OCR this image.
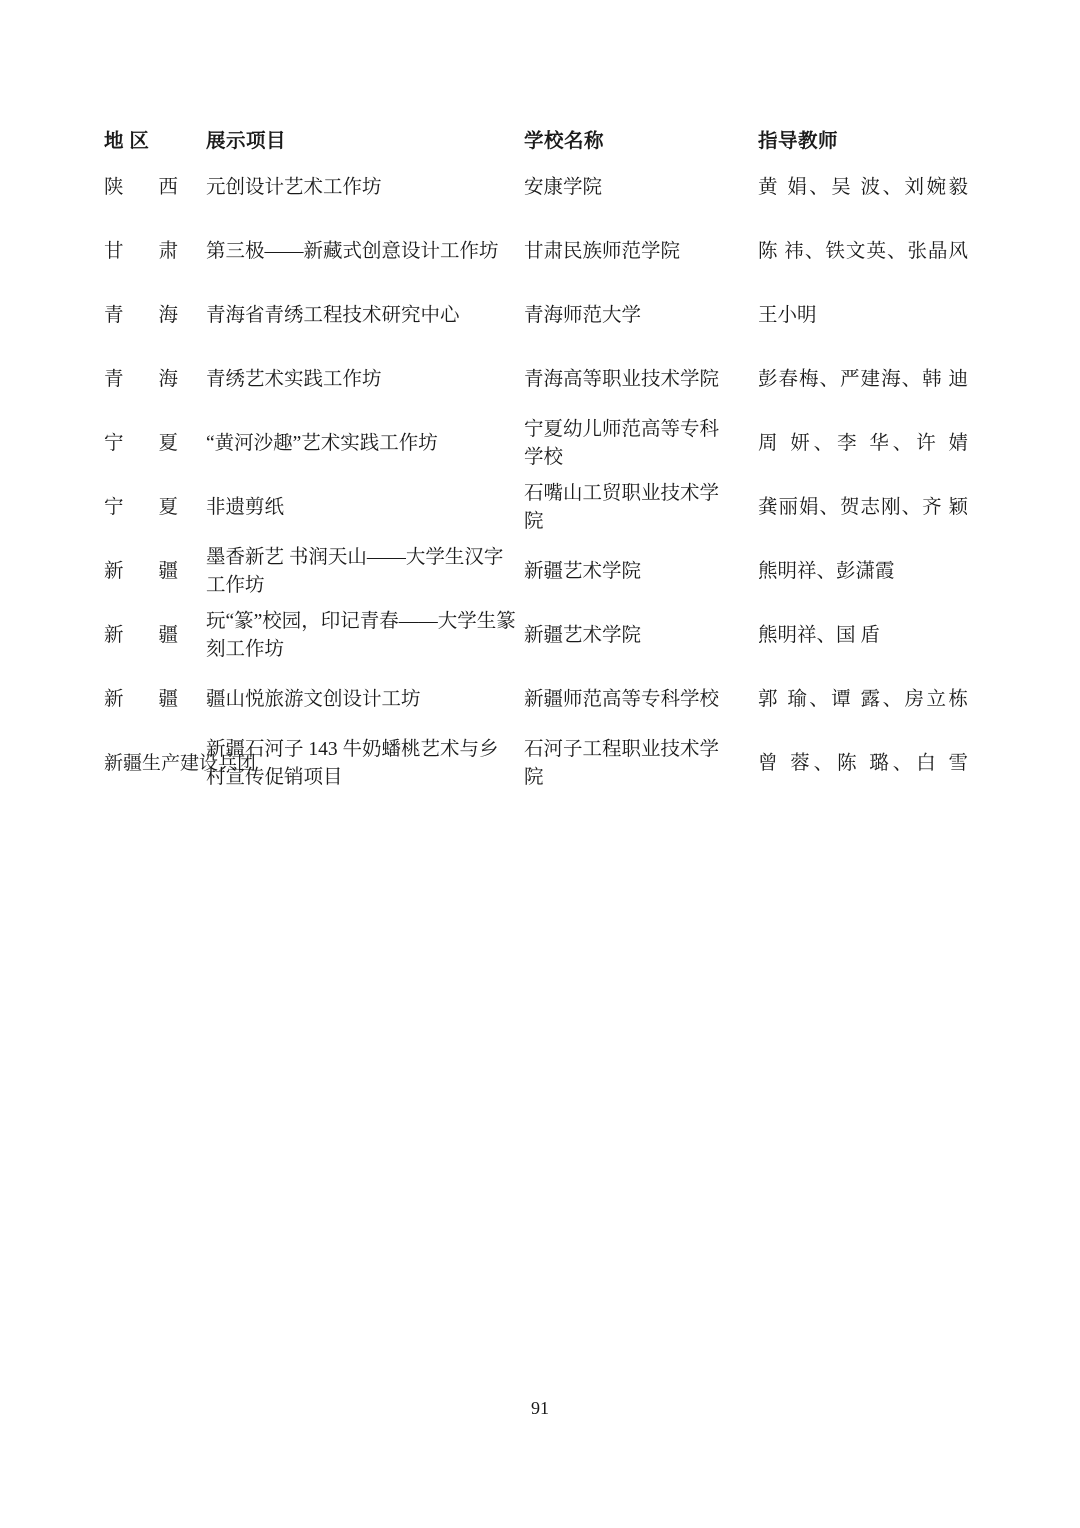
地 区	展示项目	学校名称	指导教师
陕西	元创设计艺术工作坊	安康学院	黄 娟、吴 波、刘婉毅

甘肃	第三极——新藏式创意设计工作坊	甘肃民族师范学院	陈 祎、铁文英、张晶风

青海	青海省青绣工程技术研究中心	青海师范大学	王小明
青海	青绣艺术实践工作坊	青海高等职业技术学院	彭春梅、严建海、韩 迪

宁夏	“黄河沙趣”艺术实践工作坊	宁夏幼儿师范高等专科学校	周 妍、李 华、许 婧

宁夏	非遗剪纸	石嘴山工贸职业技术学院	龚丽娟、贺志刚、齐 颖

新疆	墨香新艺 书润天山——大学生汉字工作坊	新疆艺术学院	熊明祥、彭潇霞
新疆	玩“篆”校园，印记青春——大学生篆刻工作坊	新疆艺术学院	熊明祥、国 盾
新疆	疆山悦旅游文创设计工坊	新疆师范高等专科学校	郭 瑜、谭 露、房立栋

新疆生产建设兵团	新疆石河子 143 牛奶蟠桃艺术与乡村宣传促销项目	石河子工程职业技术学院	曾 蓉、陈 璐、白 雪
91
